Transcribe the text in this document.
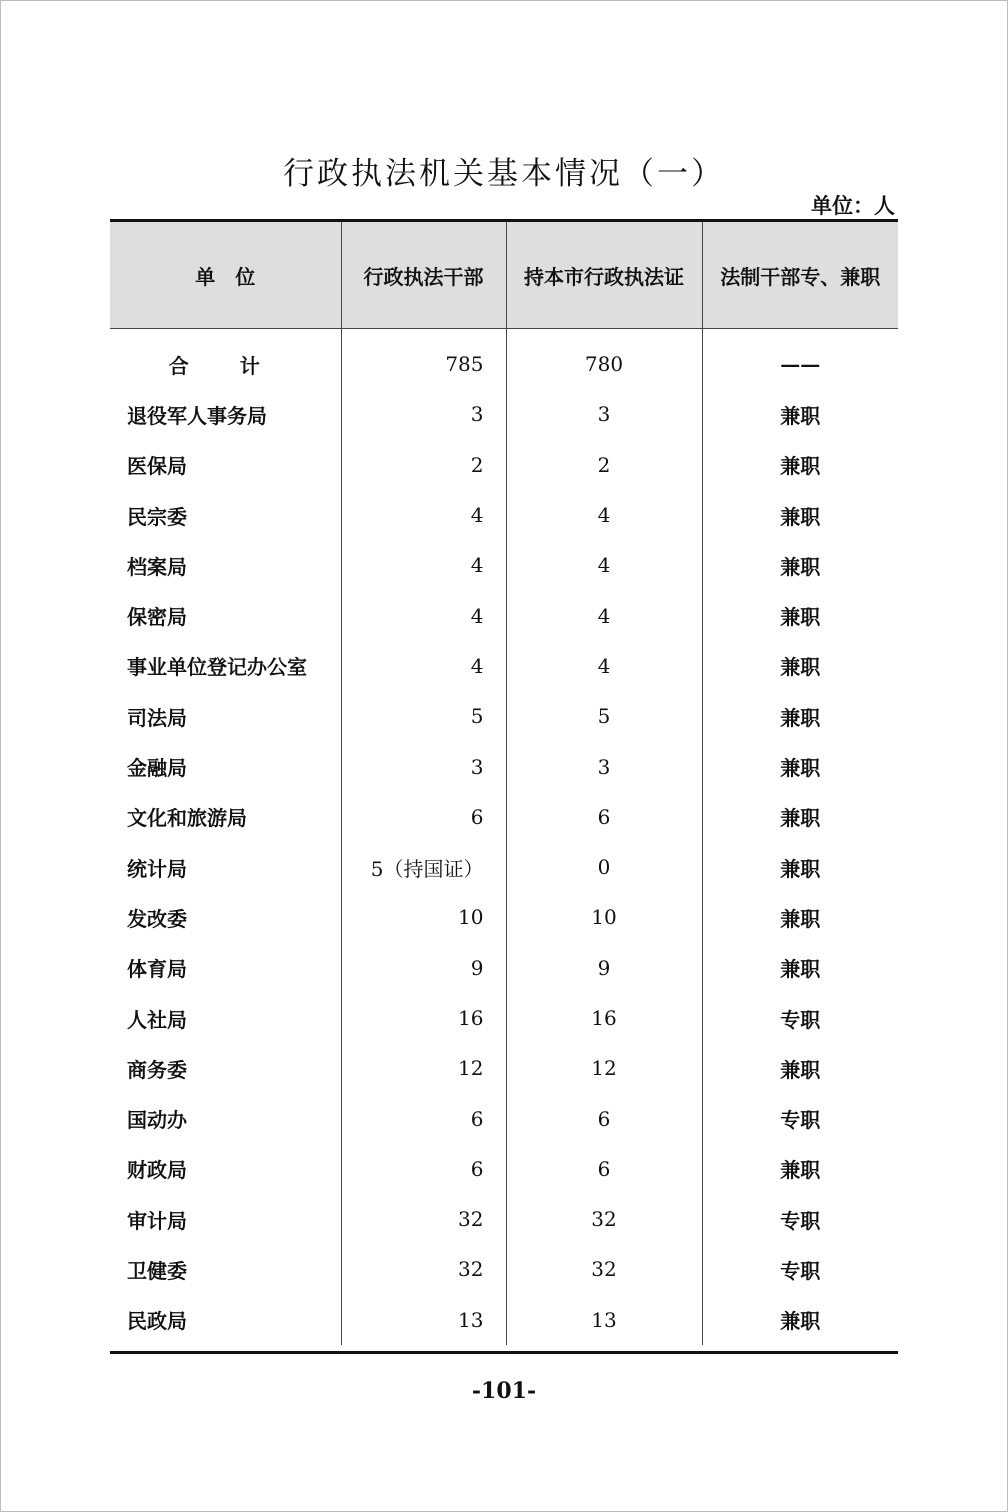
行政执法机关基本情况（一）
单位：人
单　位	行政执法干部	持本市行政执法证	法制干部专、兼职
合 计	785	780	——
退役军人事务局	3	3	兼职
医保局	2	2	兼职
民宗委	4	4	兼职
档案局	4	4	兼职
保密局	4	4	兼职
事业单位登记办公室	4	4	兼职
司法局	5	5	兼职
金融局	3	3	兼职
文化和旅游局	6	6	兼职
统计局	5（持国证）	0	兼职
发改委	10	10	兼职
体育局	9	9	兼职
人社局	16	16	专职
商务委	12	12	兼职
国动办	6	6	专职
财政局	6	6	兼职
审计局	32	32	专职
卫健委	32	32	专职
民政局	13	13	兼职
-101-
